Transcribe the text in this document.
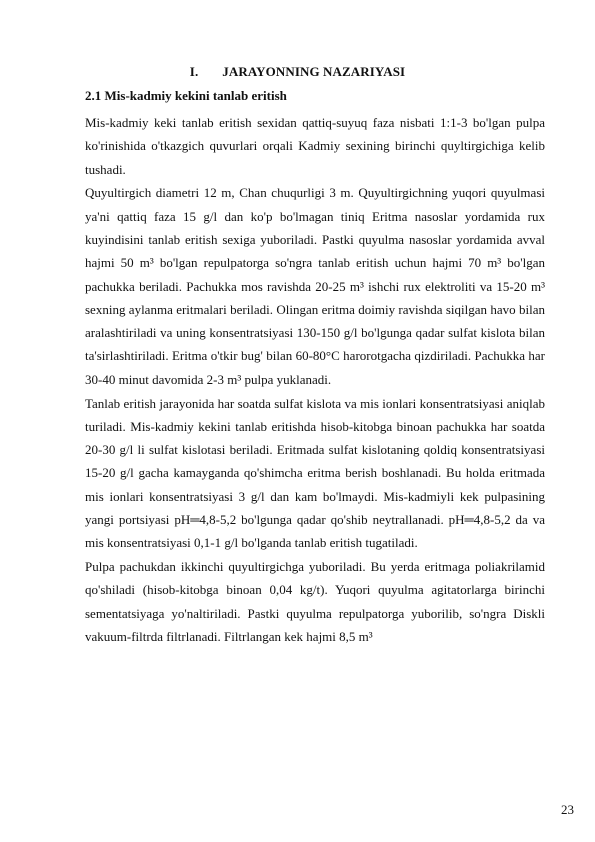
I. JARAYONNING NAZARIYASI
2.1 Mis-kadmiy kekini tanlab eritish

Mis-kadmiy keki tanlab eritish sexidan qattiq-suyuq faza nisbati 1:1-3 bo'lgan pulpa ko'rinishida o'tkazgich quvurlari orqali Kadmiy sexining birinchi quyltirgichiga kelib tushadi.

Quyultirgich diametri 12 m, Chan chuqurligi 3 m. Quyultirgichning yuqori quyulmasi ya'ni qattiq faza 15 g/l dan ko'p bo'lmagan tiniq Eritma nasoslar yordamida rux kuyindisini tanlab eritish sexiga yuboriladi. Pastki quyulma nasoslar yordamida avval hajmi 50 m³ bo'lgan repulpatorga so'ngra tanlab eritish uchun hajmi 70 m³ bo'lgan pachukka beriladi. Pachukka mos ravishda 20-25 m³ ishchi rux elektroliti va 15-20 m³ sexning aylanma eritmalari beriladi. Olingan eritma doimiy ravishda siqilgan havo bilan aralashtiriladi va uning konsentratsiyasi 130-150 g/l bo'lgunga qadar sulfat kislota bilan ta'sirlashtiriladi. Eritma o'tkir bug' bilan 60-80°C harorotgacha qizdiriladi. Pachukka har 30-40 minut davomida 2-3 m³ pulpa yuklanadi.

Tanlab eritish jarayonida har soatda sulfat kislota va mis ionlari konsentratsiyasi aniqlab turiladi. Mis-kadmiy kekini tanlab eritishda hisob-kitobga binoan pachukka har soatda 20-30 g/l li sulfat kislotasi beriladi. Eritmada sulfat kislotaning qoldiq konsentratsiyasi 15-20 g/l gacha kamayganda qo'shimcha eritma berish boshlanadi. Bu holda eritmada mis ionlari konsentratsiyasi 3 g/l dan kam bo'lmaydi. Mis-kadmiyli kek pulpasining yangi portsiyasi pH═4,8-5,2 bo'lgunga qadar qo'shib neytrallanadi. pH═4,8-5,2 da va mis konsentratsiyasi 0,1-1 g/l bo'lganda tanlab eritish tugatiladi.

Pulpa pachukdan ikkinchi quyultirgichga yuboriladi. Bu yerda eritmaga poliakrilamid qo'shiladi (hisob-kitobga binoan 0,04 kg/t). Yuqori quyulma agitatorlarga birinchi sementatsiyaga yo'naltiriladi. Pastki quyulma repulpatorga yuborilib, so'ngra Diskli vakuum-filtrda filtrlanadi. Filtrlangan kek hajmi 8,5 m³

23
